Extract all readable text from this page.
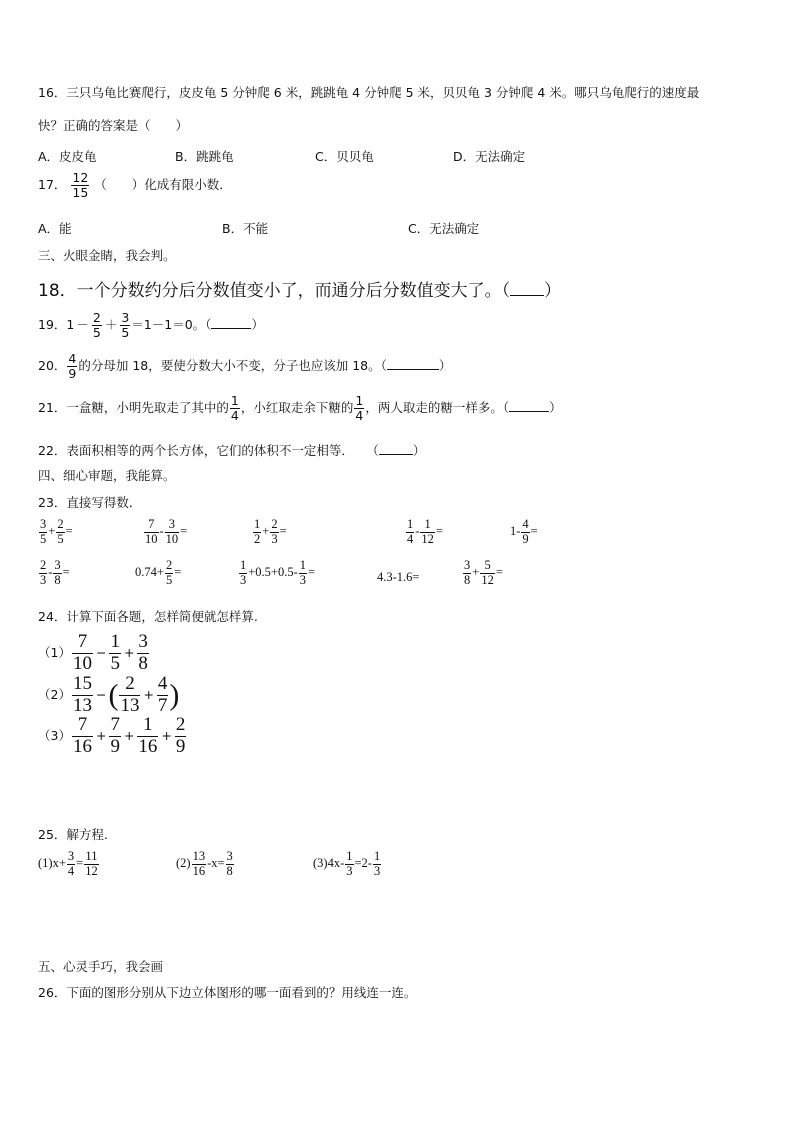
16．三只乌龟比赛爬行，皮皮龟 5 分钟爬 6 米，跳跳龟 4 分钟爬 5 米，贝贝龟 3 分钟爬 4 米。哪只乌龟爬行的速度最
快？正确的答案是（　　）
A．皮皮龟	B．跳跳龟	C．贝贝龟	D．无法确定
17． $\frac{12}{15}$ （　　）化成有限小数．
A．能	B．不能	C．无法确定
三、火眼金睛，我会判。
18．一个分数约分后分数值变小了，而通分后分数值变大了。（ ）
19．$1 - \frac{2}{5} + \frac{3}{5} =1-1=0$。（	）
20． $\frac{4}{9}$ 的分母加 18，要使分数大小不变，分子也应该加 18。（	）
21．一盒糖，小明先取走了其中的 $\frac{1}{4}$ ，小红取走余下糖的 $\frac{1}{4}$ ，两人取走的糖一样多。（	）
22．表面积相等的两个长方体，它们的体积不一定相等．　　（	）
四、细心审题，我能算。
23．直接写得数．
$\frac{3}{5} + \frac{2}{5}$ =	$\frac{7}{10} - \frac{3}{10}$ =	$\frac{1}{2} + \frac{2}{3}$ =	$\frac{1}{4} - \frac{1}{12}$ =	$1- \frac{4}{9}$ =
$\frac{2}{3} - \frac{3}{8}$ =	$0.74+ \frac{2}{5}$ =	$\frac{1}{3} +0.5+0.5- \frac{1}{3}$ =	4.3-1.6=	$\frac{3}{8} + \frac{5}{12}$ =
24．计算下面各题，怎样简便就怎样算.
$(1) \frac{7}{10} - \frac{1}{5} + \frac{3}{8}$
$(2) \frac{15}{13}$ −( $\frac{2}{13} + \frac{4}{7}$ )
$(3) \frac{7}{16} + \frac{7}{9} + \frac{1}{16} + \frac{2}{9}$
25．解方程.
$(1)x+ \frac{3}{4} = \frac{11}{12}$	$(2) \frac{13}{16} -x= \frac{3}{8}$	$(3)4x- \frac{1}{3} =2- \frac{1}{3}$
五、心灵手巧，我会画
26．下面的图形分别从下边立体图形的哪一面看到的？用线连一连。
